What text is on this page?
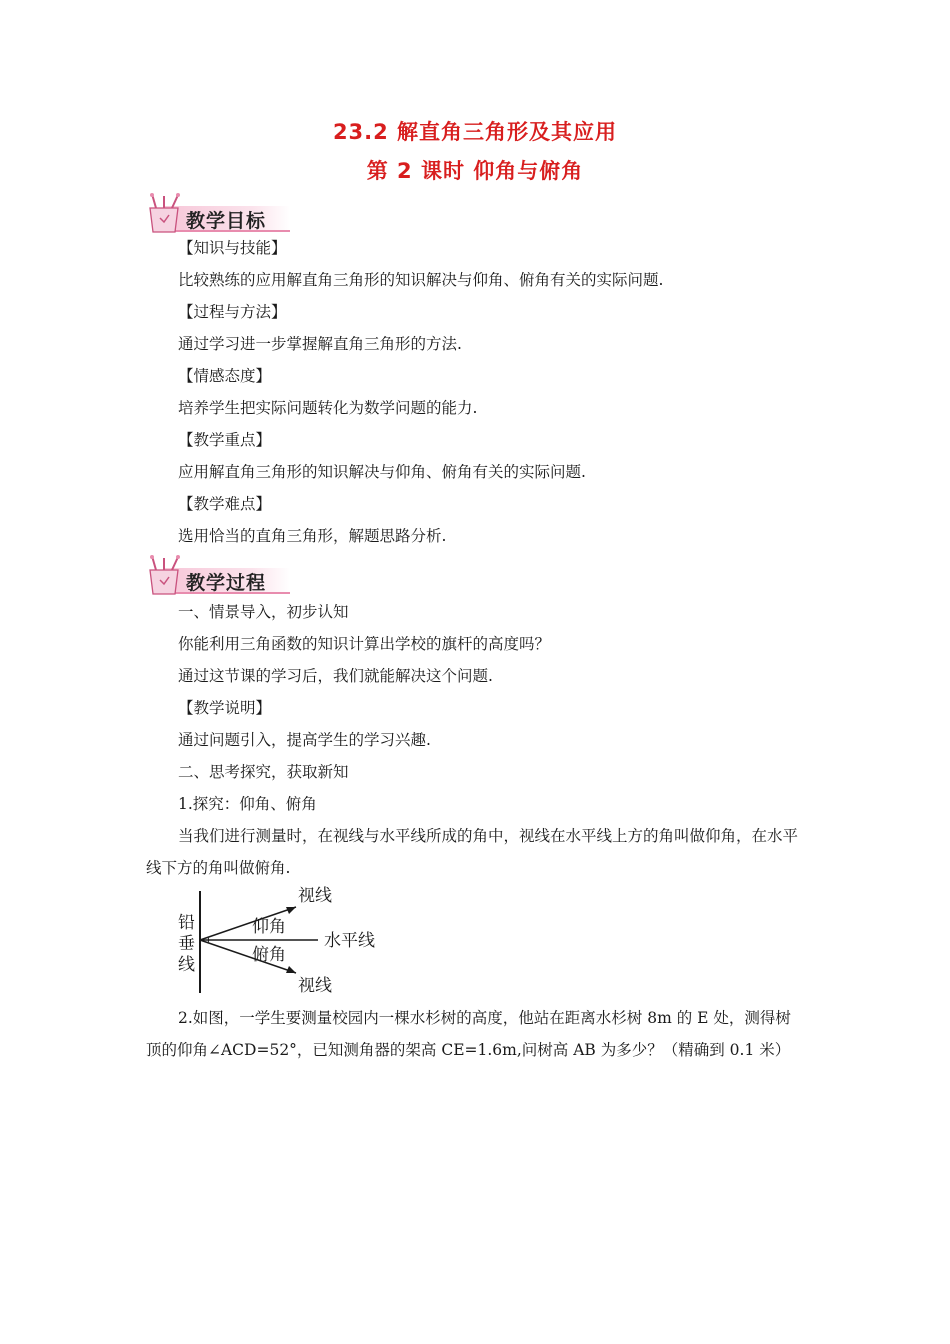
23.2 解直角三角形及其应用
第 2 课时 仰角与俯角
教学目标
【知识与技能】
比较熟练的应用解直角三角形的知识解决与仰角、俯角有关的实际问题.
【过程与方法】
通过学习进一步掌握解直角三角形的方法.
【情感态度】
培养学生把实际问题转化为数学问题的能力.
【教学重点】
应用解直角三角形的知识解决与仰角、俯角有关的实际问题.
【教学难点】
选用恰当的直角三角形，解题思路分析.
教学过程
一、情景导入，初步认知
你能利用三角函数的知识计算出学校的旗杆的高度吗？
通过这节课的学习后，我们就能解决这个问题.
【教学说明】
通过问题引入，提高学生的学习兴趣.
二、思考探究，获取新知
1.探究：仰角、俯角
当我们进行测量时，在视线与水平线所成的角中，视线在水平线上方的角叫做仰角，在水平线下方的角叫做俯角.
视线
仰角
水平线
俯角
视线
铅
垂
线
2.如图，一学生要测量校园内一棵水杉树的高度，他站在距离水杉树 8m 的 E 处，测得树顶的仰角∠ACD=52°，已知测角器的架高 CE=1.6m,问树高 AB 为多少？（精确到 0.1 米）
